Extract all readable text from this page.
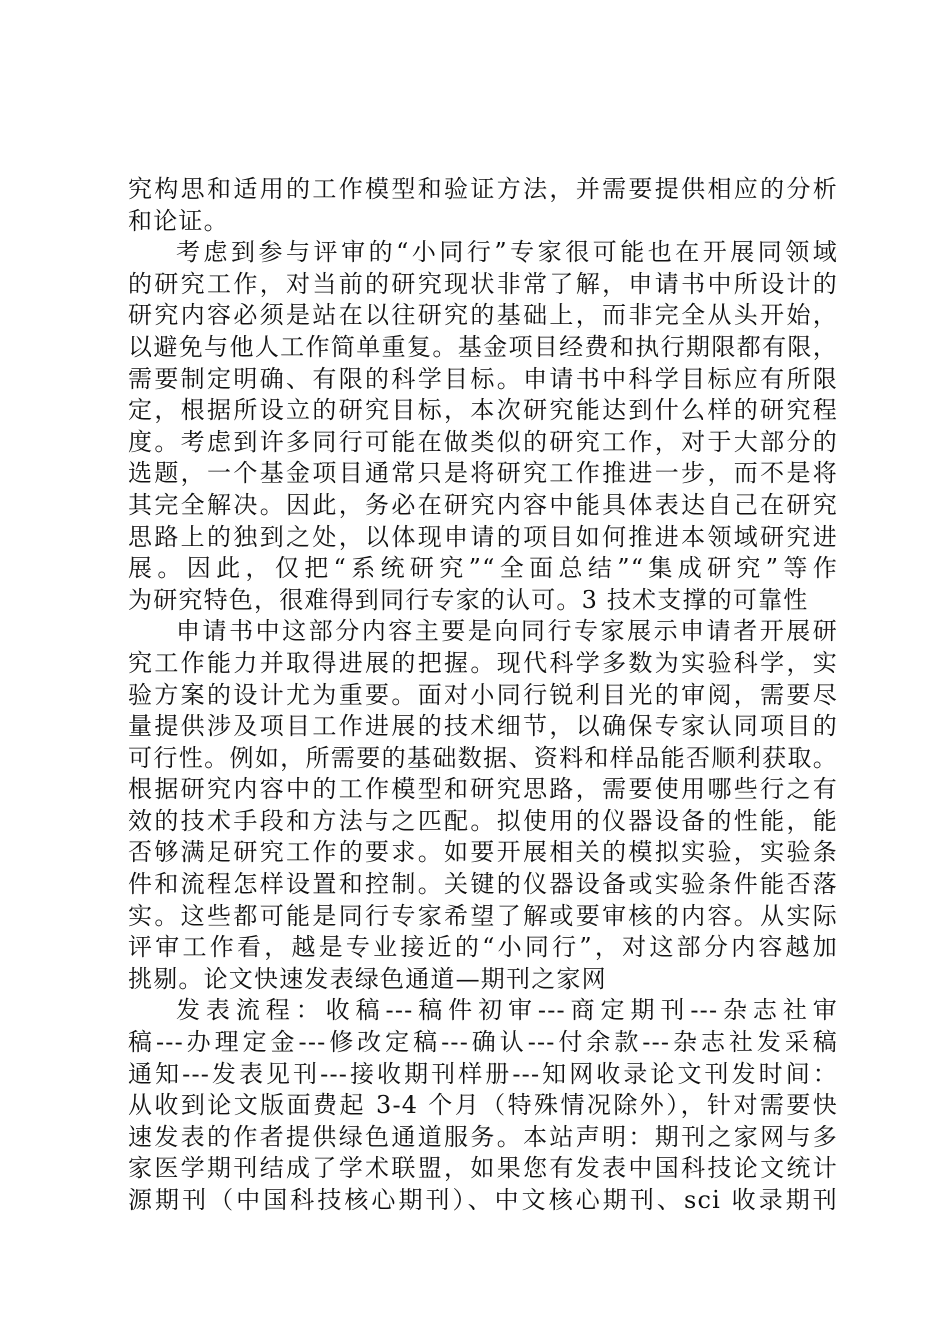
究构思和适用的工作模型和验证方法，并需要提供相应的分析
和论证。
考虑到参与评审的“小同行”专家很可能也在开展同领域
的研究工作，对当前的研究现状非常了解，申请书中所设计的
研究内容必须是站在以往研究的基础上，而非完全从头开始，
以避免与他人工作简单重复。基金项目经费和执行期限都有限，
需要制定明确、有限的科学目标。申请书中科学目标应有所限
定，根据所设立的研究目标，本次研究能达到什么样的研究程
度。考虑到许多同行可能在做类似的研究工作，对于大部分的
选题，一个基金项目通常只是将研究工作推进一步，而不是将
其完全解决。因此，务必在研究内容中能具体表达自己在研究
思路上的独到之处，以体现申请的项目如何推进本领域研究进
展。因此，仅把“系统研究”“全面总结”“集成研究”等作
为研究特色，很难得到同行专家的认可。3 技术支撑的可靠性
申请书中这部分内容主要是向同行专家展示申请者开展研
究工作能力并取得进展的把握。现代科学多数为实验科学，实
验方案的设计尤为重要。面对小同行锐利目光的审阅，需要尽
量提供涉及项目工作进展的技术细节，以确保专家认同项目的
可行性。例如，所需要的基础数据、资料和样品能否顺利获取。
根据研究内容中的工作模型和研究思路，需要使用哪些行之有
效的技术手段和方法与之匹配。拟使用的仪器设备的性能，能
否够满足研究工作的要求。如要开展相关的模拟实验，实验条
件和流程怎样设置和控制。关键的仪器设备或实验条件能否落
实。这些都可能是同行专家希望了解或要审核的内容。从实际
评审工作看，越是专业接近的“小同行”，对这部分内容越加
挑剔。论文快速发表绿色通道—期刊之家网
发表流程：收稿---稿件初审---商定期刊---杂志社审
稿---办理定金---修改定稿---确认---付余款---杂志社发采稿
通知---发表见刊---接收期刊样册---知网收录论文刊发时间：
从收到论文版面费起 3-4 个月（特殊情况除外），针对需要快
速发表的作者提供绿色通道服务。本站声明：期刊之家网与多
家医学期刊结成了学术联盟，如果您有发表中国科技论文统计
源期刊（中国科技核心期刊）、中文核心期刊、sci 收录期刊
